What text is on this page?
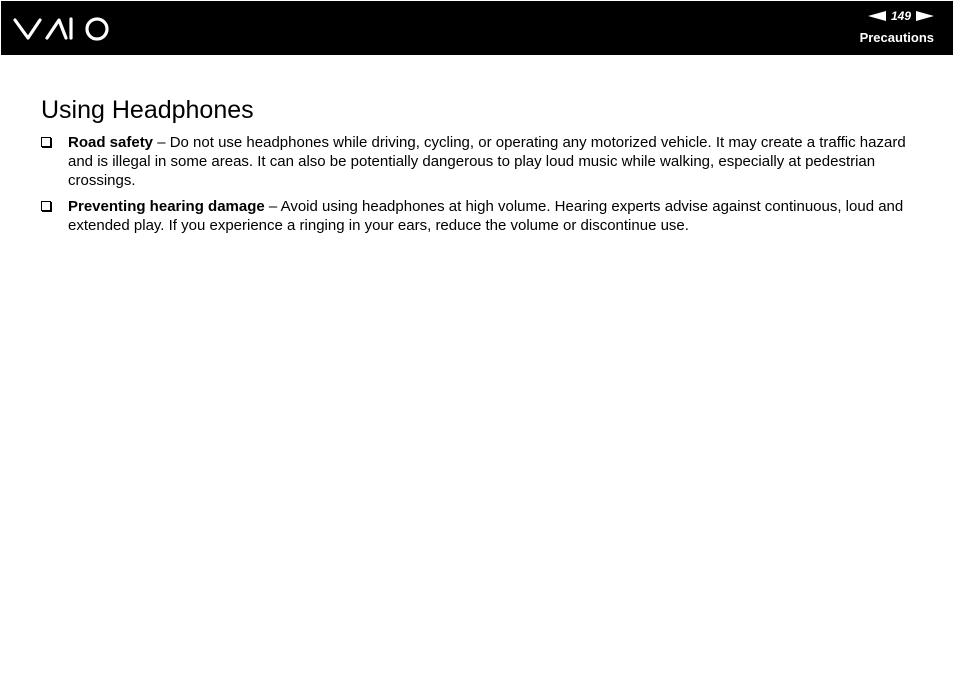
149
Precautions
Using Headphones
Road safety – Do not use headphones while driving, cycling, or operating any motorized vehicle. It may create a traffic hazard and is illegal in some areas. It can also be potentially dangerous to play loud music while walking, especially at pedestrian crossings.
Preventing hearing damage – Avoid using headphones at high volume. Hearing experts advise against continuous, loud and extended play. If you experience a ringing in your ears, reduce the volume or discontinue use.
